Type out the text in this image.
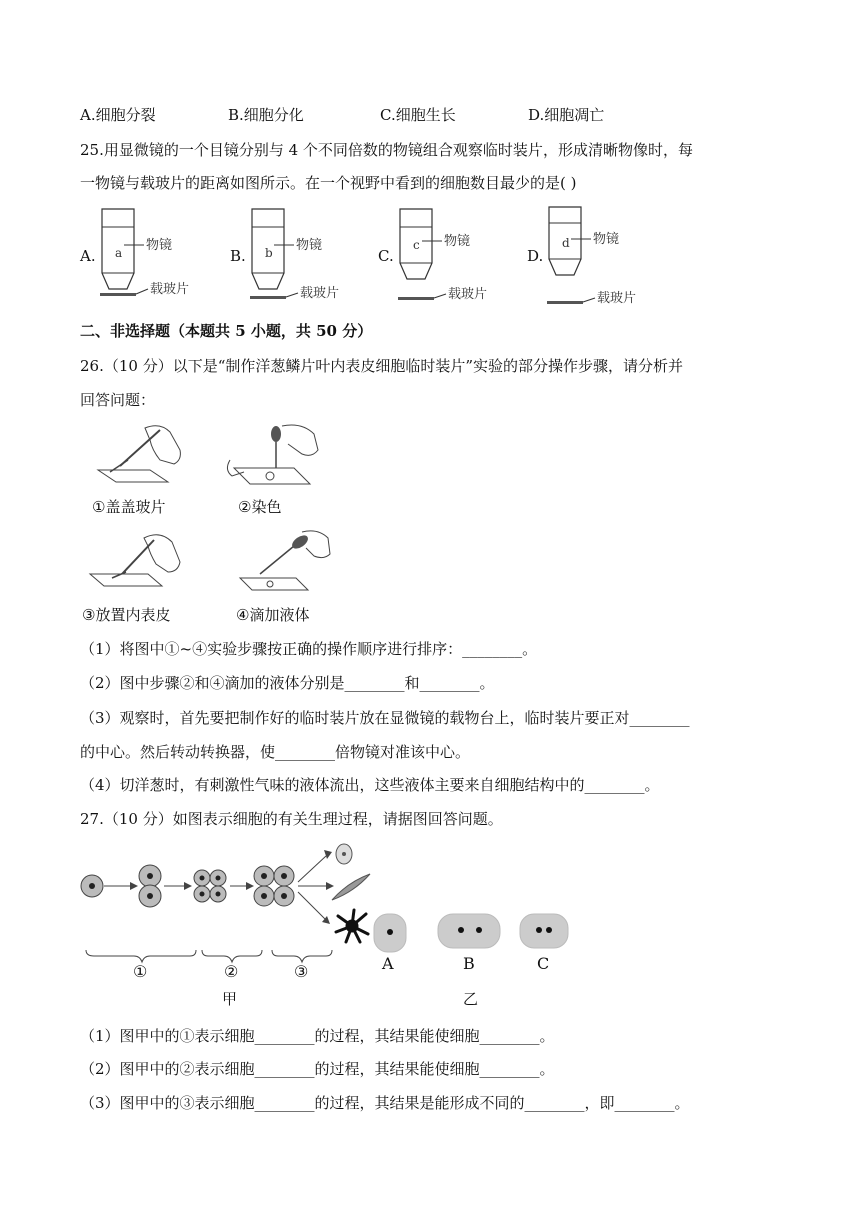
A.细胞分裂	B.细胞分化	C.细胞生长	D.细胞凋亡
25.用显微镜的一个目镜分别与 4 个不同倍数的物镜组合观察临时装片，形成清晰物像时，每
一物镜与载玻片的距离如图所示。在一个视野中看到的细胞数目最少的是( )
A. a 物镜
载玻片
B. b 物镜
载玻片
C.
c 物镜
载玻片
D.
d 物镜
载玻片
二、非选择题（本题共 5 小题，共 50 分）
26.（10 分）以下是“制作洋葱鳞片叶内表皮细胞临时装片”实验的部分操作步骤，请分析并
回答问题：
①盖盖玻片	②染色
③放置内表皮	④滴加液体
（1）将图中①~④实验步骤按正确的操作顺序进行排序：________。
（2）图中步骤②和④滴加的液体分别是________和________。
（3）观察时，首先要把制作好的临时装片放在显微镜的载物台上，临时装片要正对________
的中心。然后转动转换器，使________倍物镜对准该中心。
（4）切洋葱时，有刺激性气味的液体流出，这些液体主要来自细胞结构中的________。
27.（10 分）如图表示细胞的有关生理过程，请据图回答问题。
①	②	③
甲
A	B	C
乙
（1）图甲中的①表示细胞________的过程，其结果能使细胞________。
（2）图甲中的②表示细胞________的过程，其结果能使细胞________。
（3）图甲中的③表示细胞________的过程，其结果是能形成不同的________，即________。
